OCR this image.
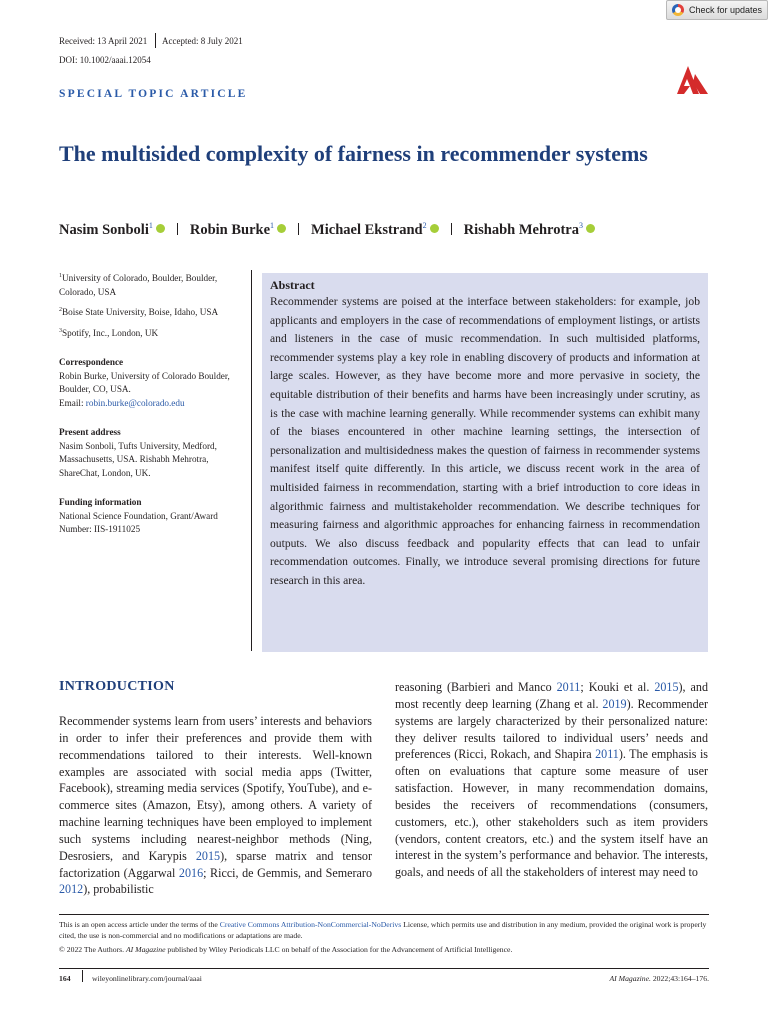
Received: 13 April 2021 Accepted: 8 July 2021
DOI: 10.1002/aaai.12054
Check for updates
SPECIAL TOPIC ARTICLE
The multisided complexity of fairness in recommender systems
Nasim Sonboli$^1$	Robin Burke$^1$	Michael Ekstrand$^2$	Rishabh Mehrotra$^3$
$^1$University of Colorado, Boulder, Boulder, Colorado, USA
$^2$Boise State University, Boise, Idaho, USA
$^3$Spotify, Inc., London, UK
Correspondence
Robin Burke, University of Colorado Boulder, Boulder, CO, USA.
Email: robin.burke@colorado.edu
Present address
Nasim Sonboli, Tufts University, Medford, Massachusetts, USA. Rishabh Mehrotra, ShareChat, London, UK.
Funding information
National Science Foundation, Grant/Award Number: IIS-1911025
Abstract
Recommender systems are poised at the interface between stakeholders: for example, job applicants and employers in the case of recommendations of employment listings, or artists and listeners in the case of music recommendation. In such multisided platforms, recommender systems play a key role in enabling discovery of products and information at large scales. However, as they have become more and more pervasive in society, the equitable distribution of their benefits and harms have been increasingly under scrutiny, as is the case with machine learning generally. While recommender systems can exhibit many of the biases encountered in other machine learning settings, the intersection of personalization and multisidedness makes the question of fairness in recommender systems manifest itself quite differently. In this article, we discuss recent work in the area of multisided fairness in recommendation, starting with a brief introduction to core ideas in algorithmic fairness and multistakeholder recommendation. We describe techniques for measuring fairness and algorithmic approaches for enhancing fairness in recommendation outputs. We also discuss feedback and popularity effects that can lead to unfair recommendation outcomes. Finally, we introduce several promising directions for future research in this area.
INTRODUCTION
Recommender systems learn from users’ interests and behaviors in order to infer their preferences and provide them with recommendations tailored to their interests. Well-known examples are associated with social media apps (Twitter, Facebook), streaming media services (Spotify, YouTube), and e-commerce sites (Amazon, Etsy), among others. A variety of machine learning techniques have been employed to implement such systems including nearest-neighbor methods (Ning, Desrosiers, and Karypis 2015), sparse matrix and tensor factorization (Aggarwal 2016; Ricci, de Gemmis, and Semeraro 2012), probabilistic
reasoning (Barbieri and Manco 2011; Kouki et al. 2015), and most recently deep learning (Zhang et al. 2019). Recommender systems are largely characterized by their personalized nature: they deliver results tailored to individual users’ needs and preferences (Ricci, Rokach, and Shapira 2011). The emphasis is often on evaluations that capture some measure of user satisfaction. However, in many recommendation domains, besides the receivers of recommendations (consumers, customers, etc.), other stakeholders such as item providers (vendors, content creators, etc.) and the system itself have an interest in the system’s performance and behavior. The interests, goals, and needs of all the stakeholders of interest may need to
This is an open access article under the terms of the Creative Commons Attribution-NonCommercial-NoDerivs License, which permits use and distribution in any medium, provided the original work is properly cited, the use is non-commercial and no modifications or adaptations are made.
© 2022 The Authors. AI Magazine published by Wiley Periodicals LLC on behalf of the Association for the Advancement of Artificial Intelligence.
164	wileyonlinelibrary.com/journal/aaai	AI Magazine. 2022;43:164–176.
